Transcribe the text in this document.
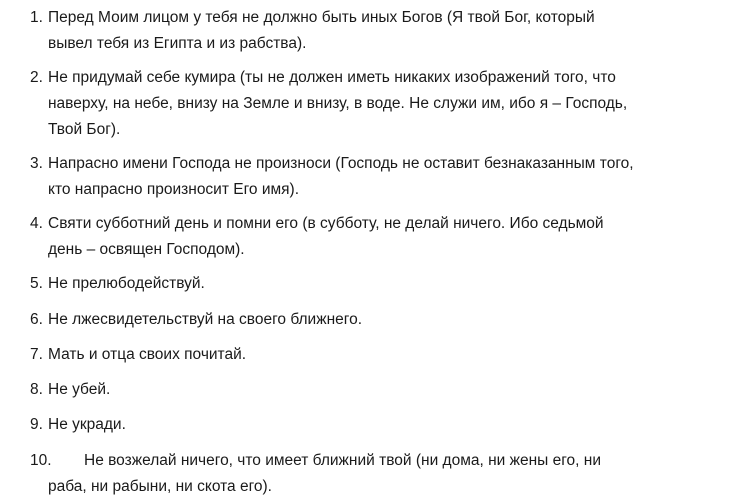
1. Перед Моим лицом у тебя не должно быть иных Богов (Я твой Бог, который
вывел тебя из Египта и из рабства).
2. Не придумай себе кумира (ты не должен иметь никаких изображений того, что
наверху, на небе, внизу на Земле и внизу, в воде. Не служи им, ибо я – Господь,
Твой Бог).
3. Напрасно имени Господа не произноси (Господь не оставит безнаказанным того,
кто напрасно произносит Его имя).
4. Святи субботний день и помни его (в субботу, не делай ничего. Ибо седьмой
день – освящен Господом).
5. Не прелюбодействуй.
6. Не лжесвидетельствуй на своего ближнего.
7. Мать и отца своих почитай.
8. Не убей.
9. Не укради.
10.	Не возжелай ничего, что имеет ближний твой (ни дома, ни жены его, ни
раба, ни рабыни, ни скота его).
